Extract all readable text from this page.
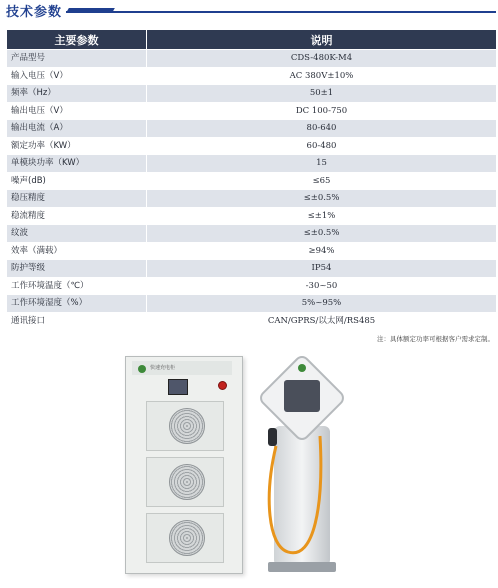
技术参数
主要参数	说明
产品型号	CDS-480K-M4
输入电压（V）	AC 380V±10%
频率（Hz）	50±1
输出电压（V）	DC 100-750
输出电流（A）	80-640
额定功率（KW）	60-480
单模块功率（KW）	15
噪声(dB)	≤65
稳压精度	≤±0.5%
稳流精度	≤±1%
纹波	≤±0.5%
效率（满载）	≥94%
防护等级	IP54
工作环境温度（℃）	-30~50
工作环境湿度（%）	5%~95%
通讯接口	CAN/GPRS/以太网/RS485
注：具体额定功率可根据客户需求定制。
快速充电柜
